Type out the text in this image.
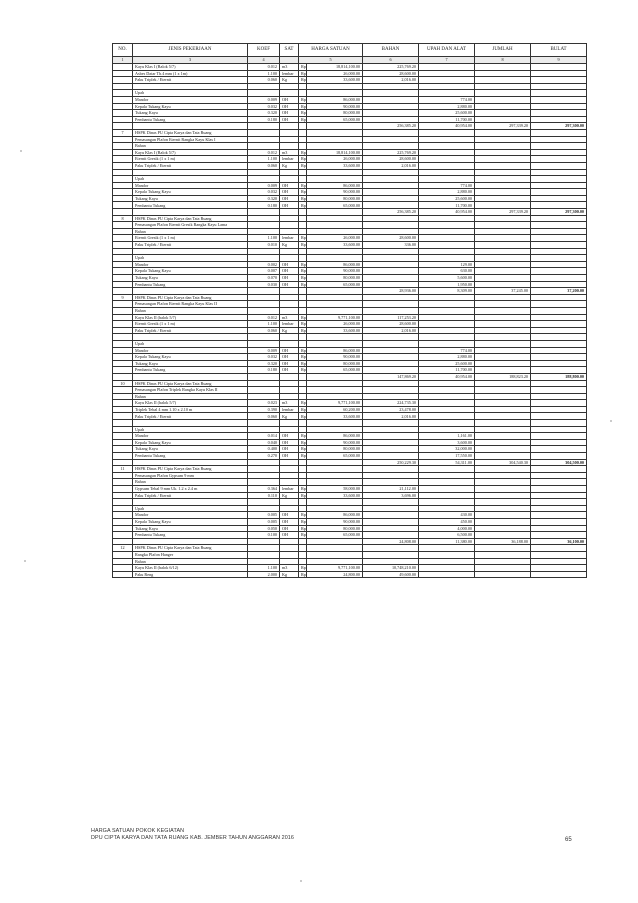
NO.	JENIS PEKERJAAN	KOEF	SAT	HARGA SATUAN		BAHAN	UPAH DAN ALAT	JUMLAH	BULAT
1	3	4		5		6	7	8	9
	Kayu Klas I (Balok 5/7)	0.012	m3	Rp	18,814,100.00	225,769.20			
	Asbes Datar Tb.4 mm (1 x 1m)	1.100	lembar	Rp	26,000.00	28,600.00			
	Paku Triplek / Eternit	0.060	Kg	Rp	33,600.00	2,016.00			

	Upah								
	Mandor	0.009	OH	Rp	86,000.00		774.00		
	Kepala Tukang Kayu	0.032	OH	Rp	90,000.00		2,880.00		
	Tukang Kayu	0.320	OH	Rp	80,000.00		25,600.00		
	Pembantu Tukang	0.180	OH	Rp	65,000.00		11,700.00		
						256,385.20	40,954.00	297,339.20	297,300.00
7	HSPK Dinas PU Cipta Karya dan Tata Ruang								
	Pemasangan Plafon Eternit Rangka Kayu Klas I								
	Bahan								
	Kayu Klas I (Balok 5/7)	0.012	m3	Rp	18,814,100.00	225,769.20			
	Eternit Gresik (1 x 1 m)	1.100	lembar	Rp	26,000.00	28,600.00			
	Paku Triplek / Eternit	0.060	Kg	Rp	33,600.00	2,016.00			

	Upah								
	Mandor	0.009	OH	Rp	86,000.00		774.00		
	Kepala Tukang Kayu	0.032	OH	Rp	90,000.00		2,880.00		
	Tukang Kayu	0.320	OH	Rp	80,000.00		25,600.00		
	Pembantu Tukang	0.180	OH	Rp	65,000.00		11,700.00		
						256,385.20	40,954.00	297,339.20	297,300.00
8	HSPK Dinas PU Cipta Karya dan Tata Ruang								
	Pemasangan Plafon Eternit Gresik Rangka Kayu Lama								
	Bahan								
	Eternit Gresik (1 x 1 m)	1.100	lembar	Rp	26,000.00	28,600.00			
	Paku Triplek / Eternit	0.010	Kg	Rp	33,600.00	336.00			

	Upah								
	Mandor	0.002	OH	Rp	86,000.00		129.00		
	Kepala Tukang Kayu	0.007	OH	Rp	90,000.00		630.00		
	Tukang Kayu	0.070	OH	Rp	80,000.00		5,600.00		
	Pembantu Tukang	0.030	OH	Rp	65,000.00		1,950.00		
						28,936.00	8,309.00	37,245.00	37,200.00
9	HSPK Dinas PU Cipta Karya dan Tata Ruang								
	Pemasangan Plafon Eternit Rangka Kayu Klas II								
	Bahan								
	Kayu Klas II (balok 5/7)	0.012	m3	Rp	9,771,100.00	117,253.20			
	Eternit Gresik (1 x 1 m)	1.100	lembar	Rp	26,000.00	28,600.00			
	Paku Triplek / Eternit	0.060	Kg	Rp	33,600.00	2,016.00			

	Upah								
	Mandor	0.009	OH	Rp	86,000.00		774.00		
	Kepala Tukang Kayu	0.032	OH	Rp	90,000.00		2,880.00		
	Tukang Kayu	0.320	OH	Rp	80,000.00		25,600.00		
	Pembantu Tukang	0.180	OH	Rp	65,000.00		11,700.00		
						147,869.20	40,954.00	188,823.20	188,800.00
10	HSPK Dinas PU Cipta Karya dan Tata Ruang								
	Pemasangan Plafon Triplek Rangka Kayu Klas II								
	Bahan								
	Kayu Klas II (balok 5/7)	0.023	m3	Rp	9,771,100.00	224,735.30			
	Triplek Tebal 4 mm 1.10 x 2.10 m	0.390	lembar	Rp	60,200.00	23,478.00			
	Paku Triplek / Eternit	0.060	Kg	Rp	33,600.00	2,016.00			

	Upah								
	Mandor	0.014	OH	Rp	86,000.00		1,161.00		
	Kepala Tukang Kayu	0.040	OH	Rp	90,000.00		3,600.00		
	Tukang Kayu	0.400	OH	Rp	80,000.00		32,000.00		
	Pembantu Tukang	0.270	OH	Rp	65,000.00		17,550.00		
						250,229.30	54,311.00	304,540.30	304,500.00
11	HSPK Dinas PU Cipta Karya dan Tata Ruang								
	Pemasangan Plafon Gypsum 9 mm								
	Bahan								
	Gypsum Tebal 9 mm Uk. 1.2 x 2.4 m	0.364	lembar	Rp	58,000.00	21,112.00			
	Paku Triplek / Eternit	0.110	Kg	Rp	33,600.00	3,696.00			

	Upah								
	Mandor	0.005	OH	Rp	86,000.00		430.00		
	Kepala Tukang Kayu	0.005	OH	Rp	90,000.00		450.00		
	Tukang Kayu	0.050	OH	Rp	80,000.00		4,000.00		
	Pembantu Tukang	0.100	OH	Rp	65,000.00		6,500.00		
						24,808.00	11,380.00	36,188.00	36,100.00
12	HSPK Dinas PU Cipta Karya dan Tata Ruang								
	Rangka Plafon Hanger								
	Bahan								
	Kayu Klas II (balok 6/12)	1.100	m3	Rp	9,771,100.00	10,748,210.00			
	Paku Reng	2.000	Kg	Rp	24,800.00	49,600.00			
HARGA SATUAN POKOK KEGIATAN
DPU CIPTA KARYA DAN TATA RUANG KAB. JEMBER TAHUN ANGGARAN 2016	65
